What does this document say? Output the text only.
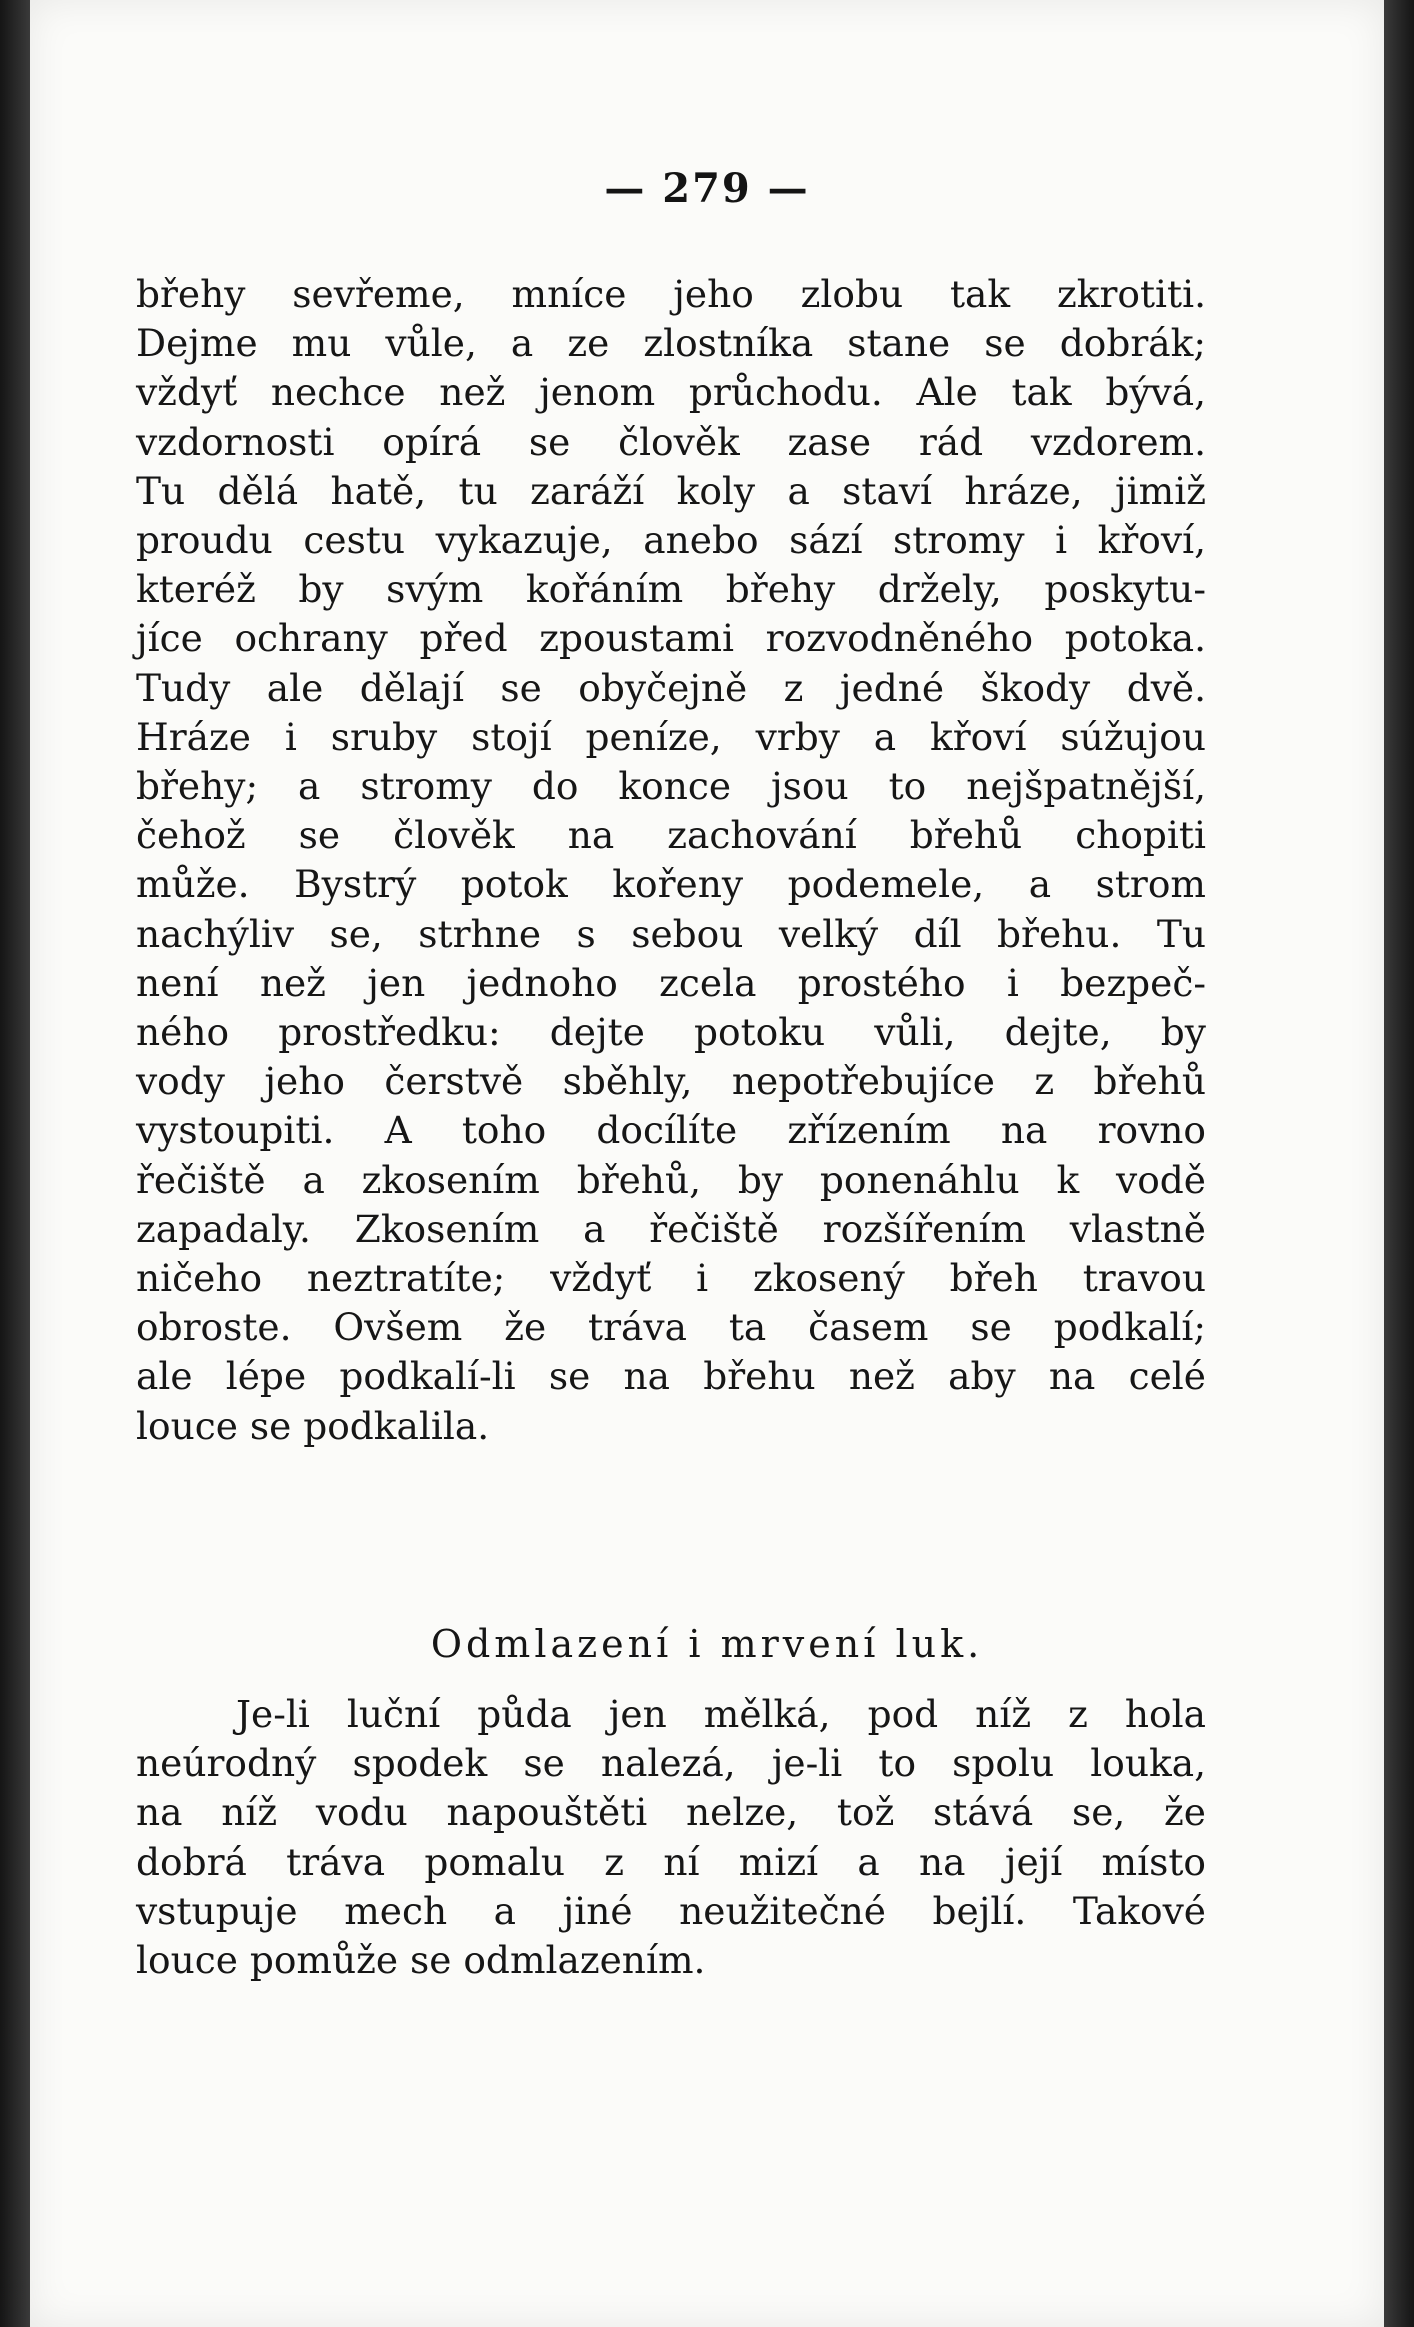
— 279 —
břehy sevřeme, mníce jeho zlobu tak zkrotiti.
Dejme mu vůle, a ze zlostníka stane se dobrák;
vždyť nechce než jenom průchodu. Ale tak bývá,
vzdornosti opírá se člověk zase rád vzdorem.
Tu dělá hatě, tu zaráží koly a staví hráze, jimiž
proudu cestu vykazuje, anebo sází stromy i křoví,
kteréž by svým kořáním břehy držely, poskytu-
jíce ochrany před zpoustami rozvodněného potoka.
Tudy ale dělají se obyčejně z jedné škody dvě.
Hráze i sruby stojí peníze, vrby a křoví súžujou
břehy; a stromy do konce jsou to nejšpatnější,
čehož se člověk na zachování břehů chopiti
může. Bystrý potok kořeny podemele, a strom
nachýliv se, strhne s sebou velký díl břehu. Tu
není než jen jednoho zcela prostého i bezpeč-
ného prostředku: dejte potoku vůli, dejte, by
vody jeho čerstvě sběhly, nepotřebujíce z břehů
vystoupiti. A toho docílíte zřízením na rovno
řečiště a zkosením břehů, by ponenáhlu k vodě
zapadaly. Zkosením a řečiště rozšířením vlastně
ničeho neztratíte; vždyť i zkosený břeh travou
obroste. Ovšem že tráva ta časem se podkalí;
ale lépe podkalí-li se na břehu než aby na celé
louce se podkalila.
Odmlazení i mrvení luk.
Je-li luční půda jen mělká, pod níž z hola
neúrodný spodek se nalezá, je-li to spolu louka,
na níž vodu napouštěti nelze, tož stává se, že
dobrá tráva pomalu z ní mizí a na její místo
vstupuje mech a jiné neužitečné bejlí. Takové
louce pomůže se odmlazením.
